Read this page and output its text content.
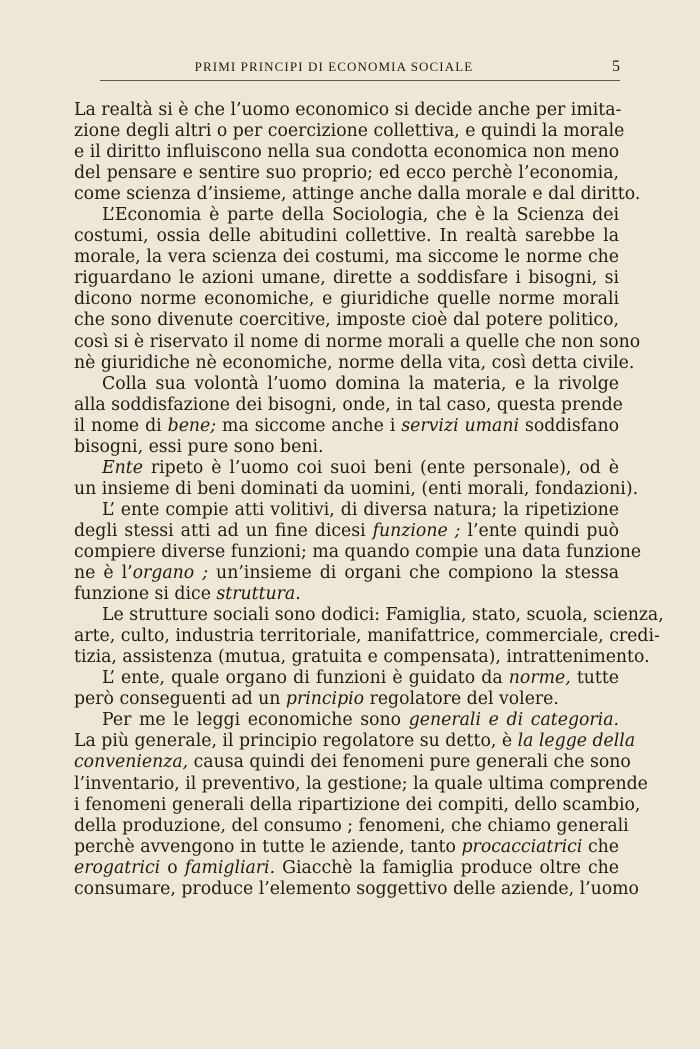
PRIMI PRINCIPI DI ECONOMIA SOCIALE	5
La realtà si è che l’uomo economico si decide anche per imita-
zione degli altri o per coercizione collettiva, e quindi la morale
e il diritto influiscono nella sua condotta economica non meno
del pensare e sentire suo proprio; ed ecco perchè l’economia,
come scienza d’insieme, attinge anche dalla morale e dal diritto.
L’Economia è parte della Sociologia, che è la Scienza dei
costumi, ossia delle abitudini collettive. In realtà sarebbe la
morale, la vera scienza dei costumi, ma siccome le norme che
riguardano le azioni umane, dirette a soddisfare i bisogni, si
dicono norme economiche, e giuridiche quelle norme morali
che sono divenute coercitive, imposte cioè dal potere politico,
così si è riservato il nome di norme morali a quelle che non sono
nè giuridiche nè economiche, norme della vita, così detta civile.
Colla sua volontà l’uomo domina la materia, e la rivolge
alla soddisfazione dei bisogni, onde, in tal caso, questa prende
il nome di bene; ma siccome anche i servizi umani soddisfano
bisogni, essi pure sono beni.
Ente ripeto è l’uomo coi suoi beni (ente personale), od è
un insieme di beni dominati da uomini, (enti morali, fondazioni).
L’ ente compie atti volitivi, di diversa natura; la ripetizione
degli stessi atti ad un fine dicesi funzione ; l’ente quindi può
compiere diverse funzioni; ma quando compie una data funzione
ne è l’organo ; un’insieme di organi che compiono la stessa
funzione si dice struttura.
Le strutture sociali sono dodici: Famiglia, stato, scuola, scienza,
arte, culto, industria territoriale, manifattrice, commerciale, credi-
tizia, assistenza (mutua, gratuita e compensata), intrattenimento.
L’ ente, quale organo di funzioni è guidato da norme, tutte
però conseguenti ad un principio regolatore del volere.
Per me le leggi economiche sono generali e di categoria.
La più generale, il principio regolatore su detto, è la legge della
convenienza, causa quindi dei fenomeni pure generali che sono
l’inventario, il preventivo, la gestione; la quale ultima comprende
i fenomeni generali della ripartizione dei compiti, dello scambio,
della produzione, del consumo ; fenomeni, che chiamo generali
perchè avvengono in tutte le aziende, tanto procacciatrici che
erogatrici o famigliari. Giacchè la famiglia produce oltre che
consumare, produce l’elemento soggettivo delle aziende, l’uomo
